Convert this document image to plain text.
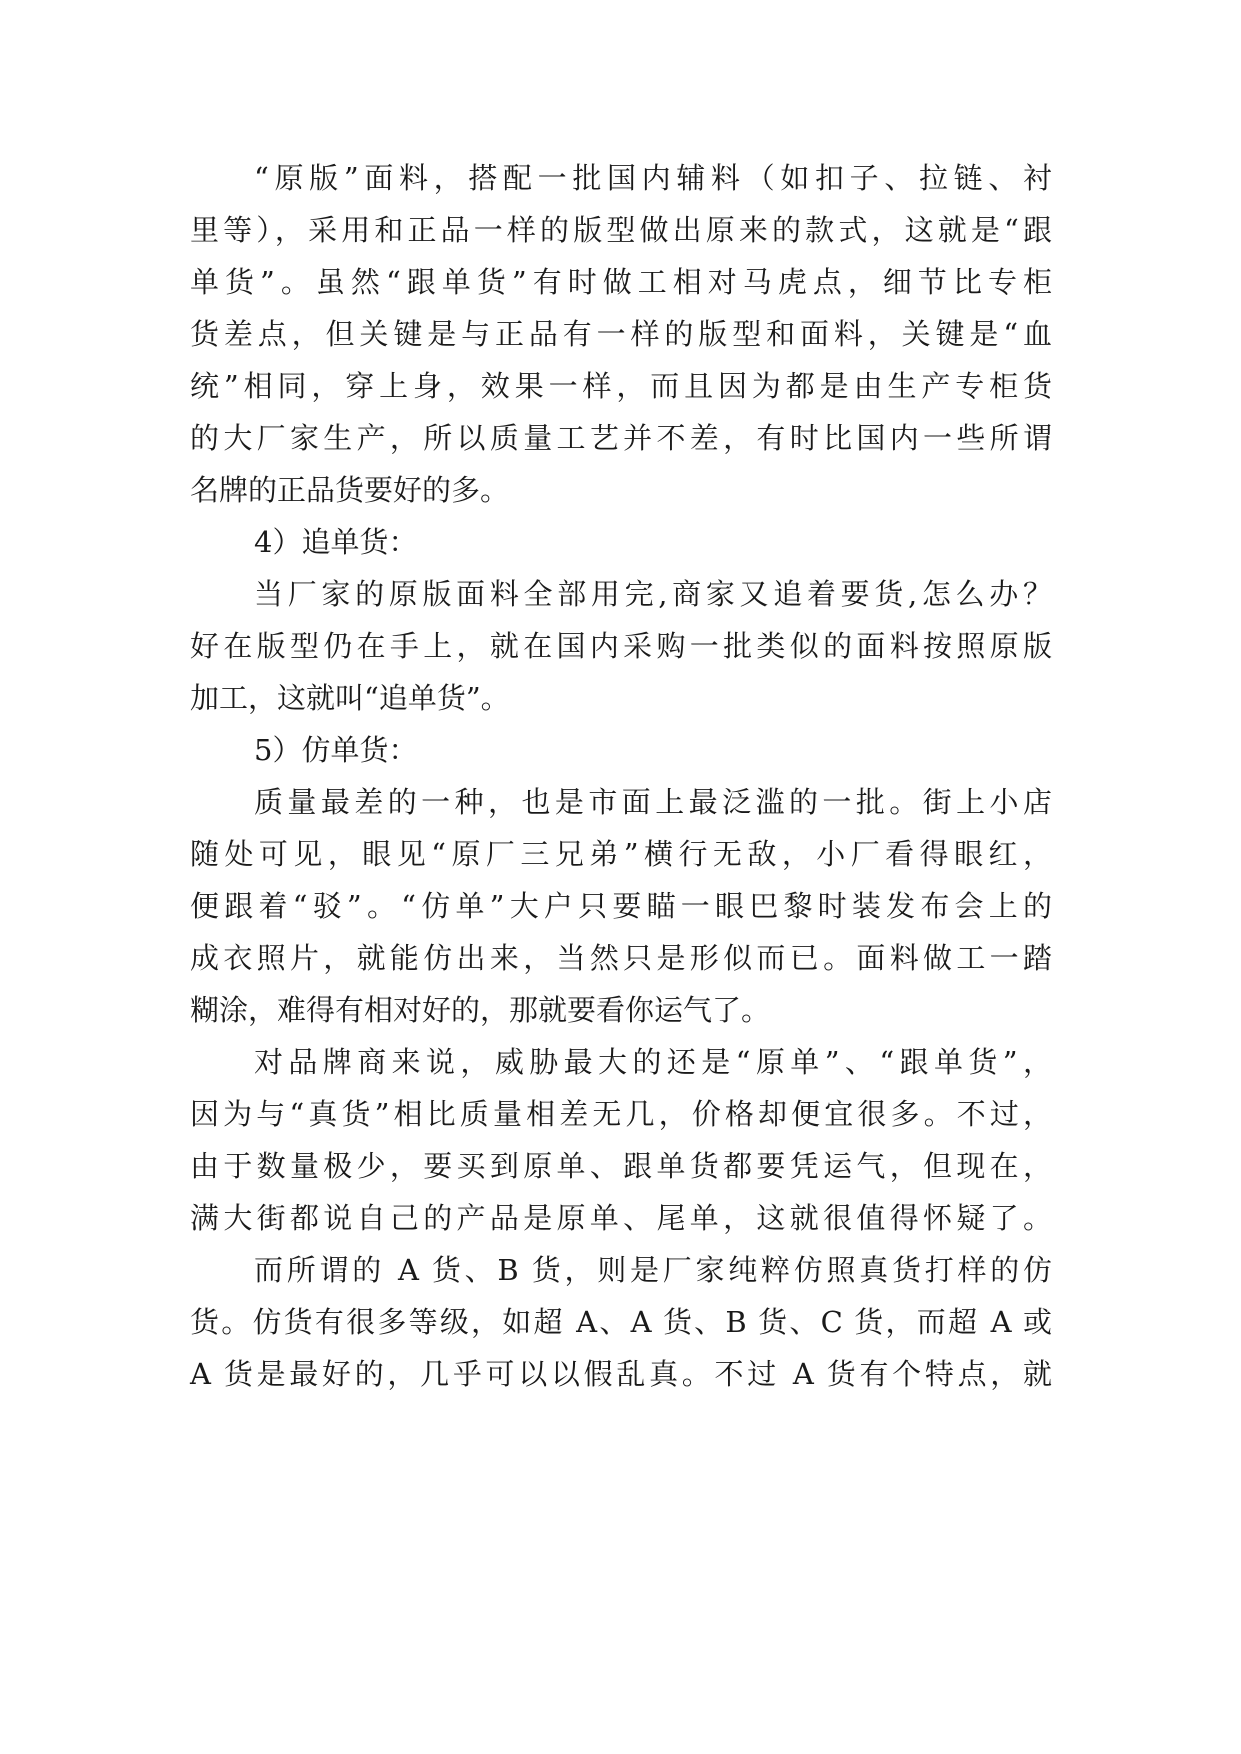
“原版”面料，搭配一批国内辅料（如扣子、拉链、衬
里等），采用和正品一样的版型做出原来的款式，这就是“跟
单货”。虽然“跟单货”有时做工相对马虎点，细节比专柜
货差点，但关键是与正品有一样的版型和面料，关键是“血
统”相同，穿上身，效果一样，而且因为都是由生产专柜货
的大厂家生产，所以质量工艺并不差，有时比国内一些所谓
名牌的正品货要好的多。
4）追单货：
当厂家的原版面料全部用完,商家又追着要货,怎么办？
好在版型仍在手上，就在国内采购一批类似的面料按照原版
加工，这就叫“追单货”。
5）仿单货：
质量最差的一种，也是市面上最泛滥的一批。街上小店
随处可见，眼见“原厂三兄弟”横行无敌，小厂看得眼红，
便跟着“驳”。“仿单”大户只要瞄一眼巴黎时装发布会上的
成衣照片，就能仿出来，当然只是形似而已。面料做工一踏
糊涂，难得有相对好的，那就要看你运气了。
对品牌商来说，威胁最大的还是“原单”、“跟单货”，
因为与“真货”相比质量相差无几，价格却便宜很多。不过，
由于数量极少，要买到原单、跟单货都要凭运气，但现在，
满大街都说自己的产品是原单、尾单，这就很值得怀疑了。
而所谓的 A 货、B 货，则是厂家纯粹仿照真货打样的仿
货。仿货有很多等级，如超 A、A 货、B 货、C 货，而超 A 或
A 货是最好的，几乎可以以假乱真。不过 A 货有个特点，就
